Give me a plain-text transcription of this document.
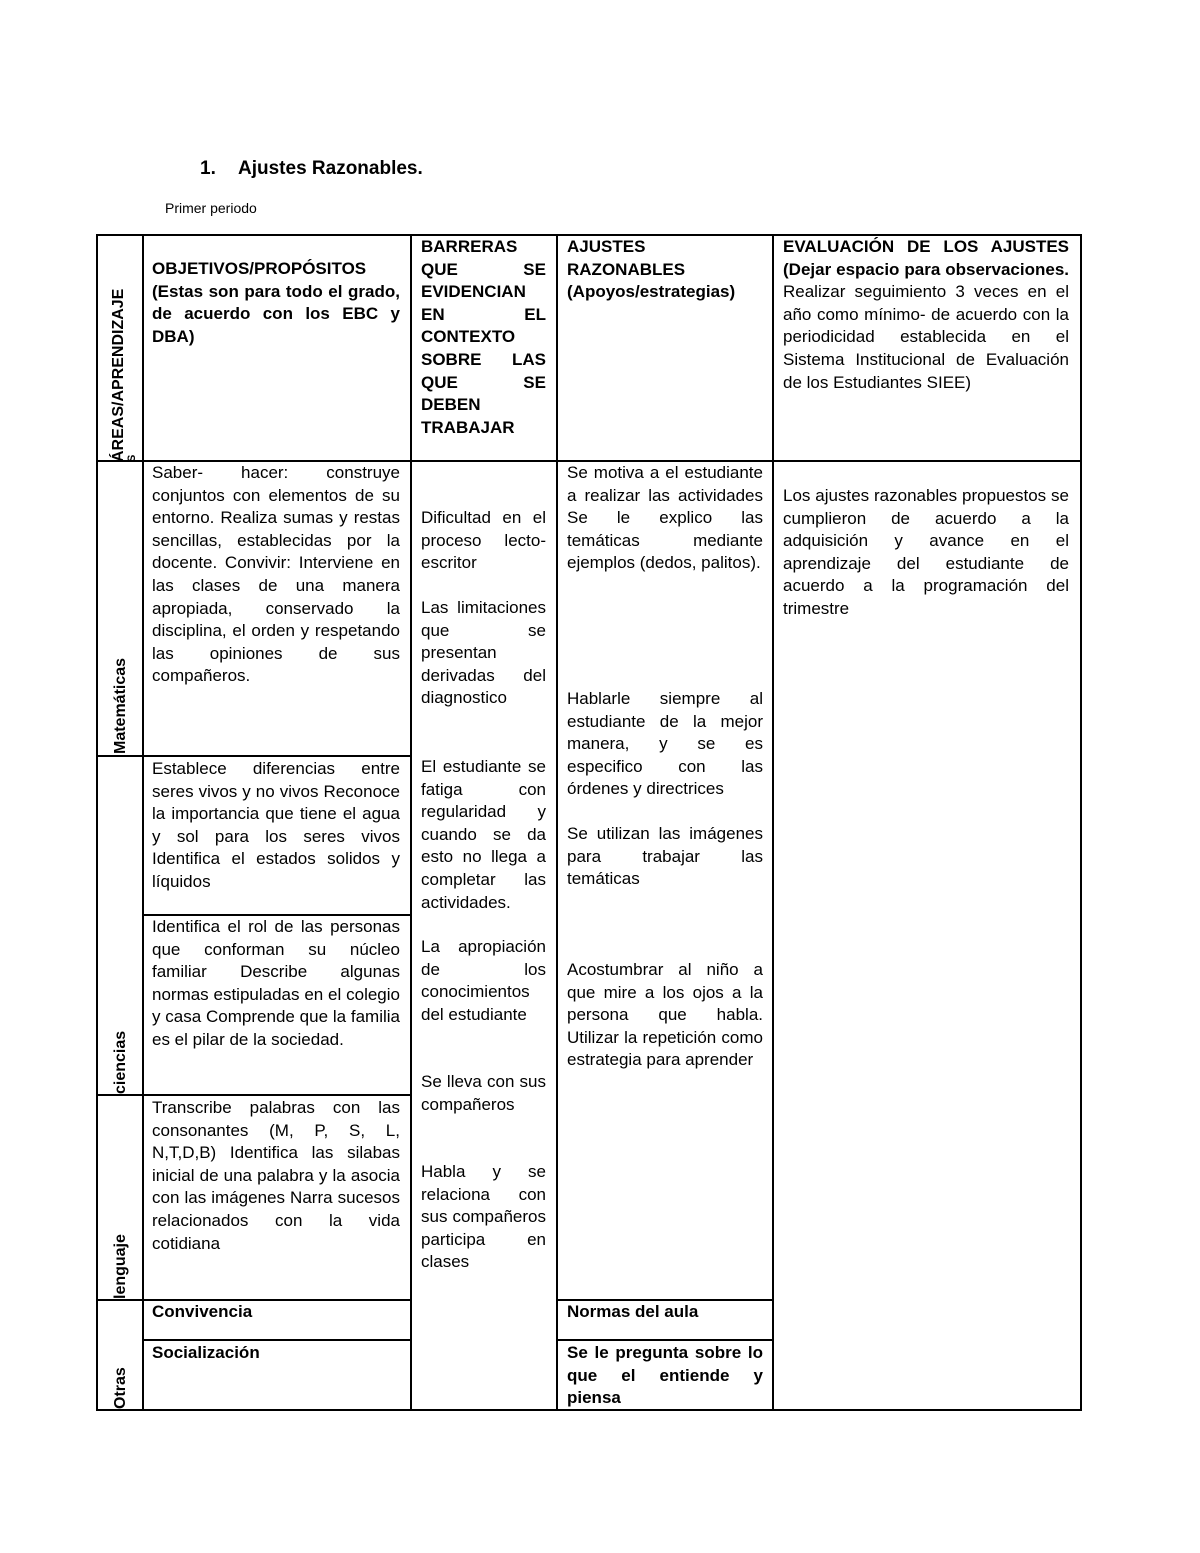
1. Ajustes Razonables.
Primer periodo
ÁREAS/APRENDIZAJE S
Matemáticas
ciencias
lenguaje
Otras

OBJETIVOS/PROPÓSITOS

(Estas son para todo el grado, de acuerdo con los EBC y DBA)

BARRERAS QUE SE EVIDENCIAN EN EL CONTEXTO SOBRE LAS QUE SE DEBEN TRABAJAR

AJUSTES RAZONABLES

(Apoyos/estrategias)

EVALUACIÓN DE LOS AJUSTES

(Dejar espacio para observaciones. Realizar seguimiento 3 veces en el año como mínimo- de acuerdo con la periodicidad establecida en el Sistema Institucional de Evaluación de los Estudiantes SIEE)

Saber- hacer: construye conjuntos con elementos de su entorno. Realiza sumas y restas sencillas, establecidas por la docente. Convivir: Interviene en las clases de una manera apropiada, conservado la disciplina, el orden y respetando las opiniones de sus compañeros.
Establece diferencias entre seres vivos y no vivos Reconoce la importancia que tiene el agua y sol para los seres vivos Identifica el estados solidos y líquidos
Identifica el rol de las personas que conforman su núcleo familiar Describe algunas normas estipuladas en el colegio y casa Comprende que la familia es el pilar de la sociedad.
Transcribe palabras con las consonantes (M, P, S, L, N,T,D,B) Identifica las silabas inicial de una palabra y la asocia con las imágenes Narra sucesos relacionados con la vida cotidiana
Convivencia
Socialización
Dificultad en el proceso lecto-escritor
Las limitaciones que se presentan derivadas del diagnostico
El estudiante se fatiga con regularidad y cuando se da esto no llega a completar las actividades.
La apropiación de los conocimientos del estudiante
Se lleva con sus compañeros
Habla y se relaciona con sus compañeros participa en clases
Se motiva a el estudiante a realizar las actividades Se le explico las temáticas mediante ejemplos (dedos, palitos).
Hablarle siempre al estudiante de la mejor manera, y se es especifico con las órdenes y directrices
Se utilizan las imágenes para trabajar las temáticas
Acostumbrar al niño a que mire a los ojos a la persona que habla. Utilizar la repetición como estrategia para aprender
Normas del aula
Se le pregunta sobre lo que el entiende y piensa
Los ajustes razonables propuestos se cumplieron de acuerdo a la adquisición y avance en el aprendizaje del estudiante de acuerdo a la programación del trimestre
